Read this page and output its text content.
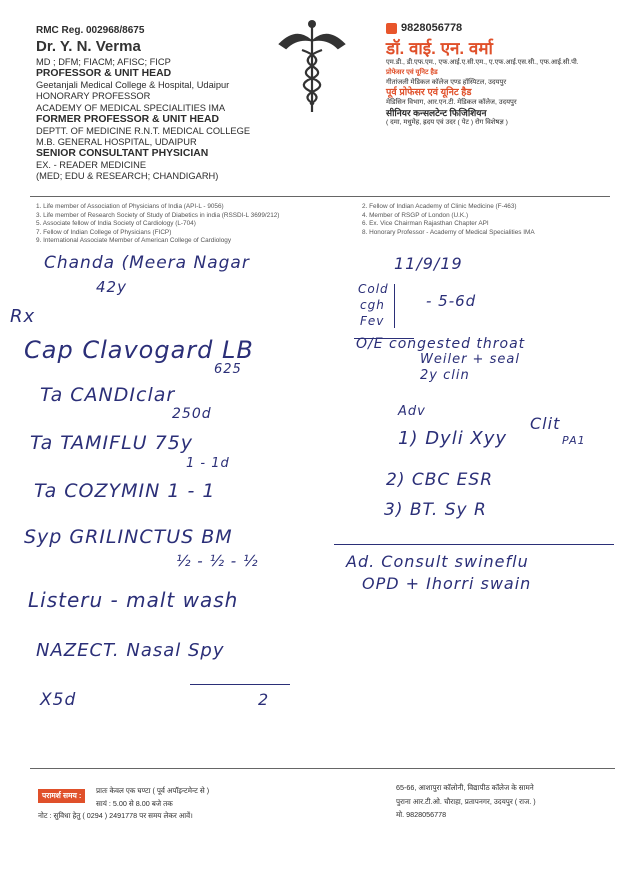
RMC Reg. 002968/8675
Dr. Y. N. Verma
MD ; DFM; FIACM; AFISC; FICP
PROFESSOR & UNIT HEAD
Geetanjali Medical College & Hospital, Udaipur
HONORARY PROFESSOR
ACADEMY OF MEDICAL SPECIALITIES IMA
FORMER PROFESSOR & UNIT HEAD
DEPTT. OF MEDICINE R.N.T. MEDICAL COLLEGE
M.B. GENERAL HOSPITAL, UDAIPUR
SENIOR CONSULTANT PHYSICIAN
EX. - READER MEDICINE
(MED; EDU & RESEARCH; CHANDIGARH)
9828056778
डॉ. वाई. एन. वर्मा
एम.डी., डी.एफ.एम., एफ.आई.ए.सी.एम., ए.एफ.आई.एस.सी., एफ.आई.सी.पी.
प्रोफेसर एवं यूनिट हैड
गीतांजली मेडिकल कॉलेज एण्ड हॉस्पिटल, उदयपुर
पूर्व प्रोफेसर एवं यूनिट हैड
मेडिसिन विभाग, आर.एन.टी. मेडिकल कॉलेज, उदयपुर
सीनियर कन्सलटेन्ट फिजिशियन
( दमा, मधुमेह, ह्रदय एवं उदर ( पेट ) रोग विशेषज्ञ )
1. Life member of Association of Physicians of India (API-L - 9056)
3. Life member of Research Society of Study of Diabetics in india (RSSDI-L 3699/212)
5. Associate fellow of India Society of Cardiology (L-704)
7. Fellow of Indian College of Physicians (FICP)
9. International Associate Member of American College of Cardiology
2. Fellow of Indian Academy of Clinic Medicine (F-463)
4. Member of RSGP of London (U.K.)
6. Ex. Vice Chairman Rajasthan Chapter API
8. Honorary Professor - Academy of Medical Specialities IMA
Chanda (Meera Nagar
42y
11/9/19
Rx
Cap Clavogard LB
625
Ta CANDIclar
250d
Ta TAMIFLU 75y
1 - 1d
Ta COZYMIN 1 - 1
Syp GRILINCTUS BM
½ - ½ - ½
Listeru - malt wash
NAZECT. Nasal Spy
X5d	2
Cold
cgh
Fev
- 5-6d
O/E congested throat
Weiler + seal
2y clin
Adv
1) Dyli Xyy
Clit
PA1
2) CBC ESR
3) BT. Sy R
Ad. Consult swineflu
OPD + Ihorri swain
परामर्श समय :
प्रातः केवल एक घण्टा ( पूर्व अपॉइन्टमेन्ट से )
सायं : 5.00 से 8.00 बजे तक
नोट : सुविधा हेतु ( 0294 ) 2491778 पर समय लेकर आवें।
65-66, आशापुरा कॉलोनी, विद्यापीठ कॉलेज के सामने
पुराना आर.टी.ओ. चौराहा, प्रतापनगर, उदयपुर ( राज. )
मो. 9828056778
